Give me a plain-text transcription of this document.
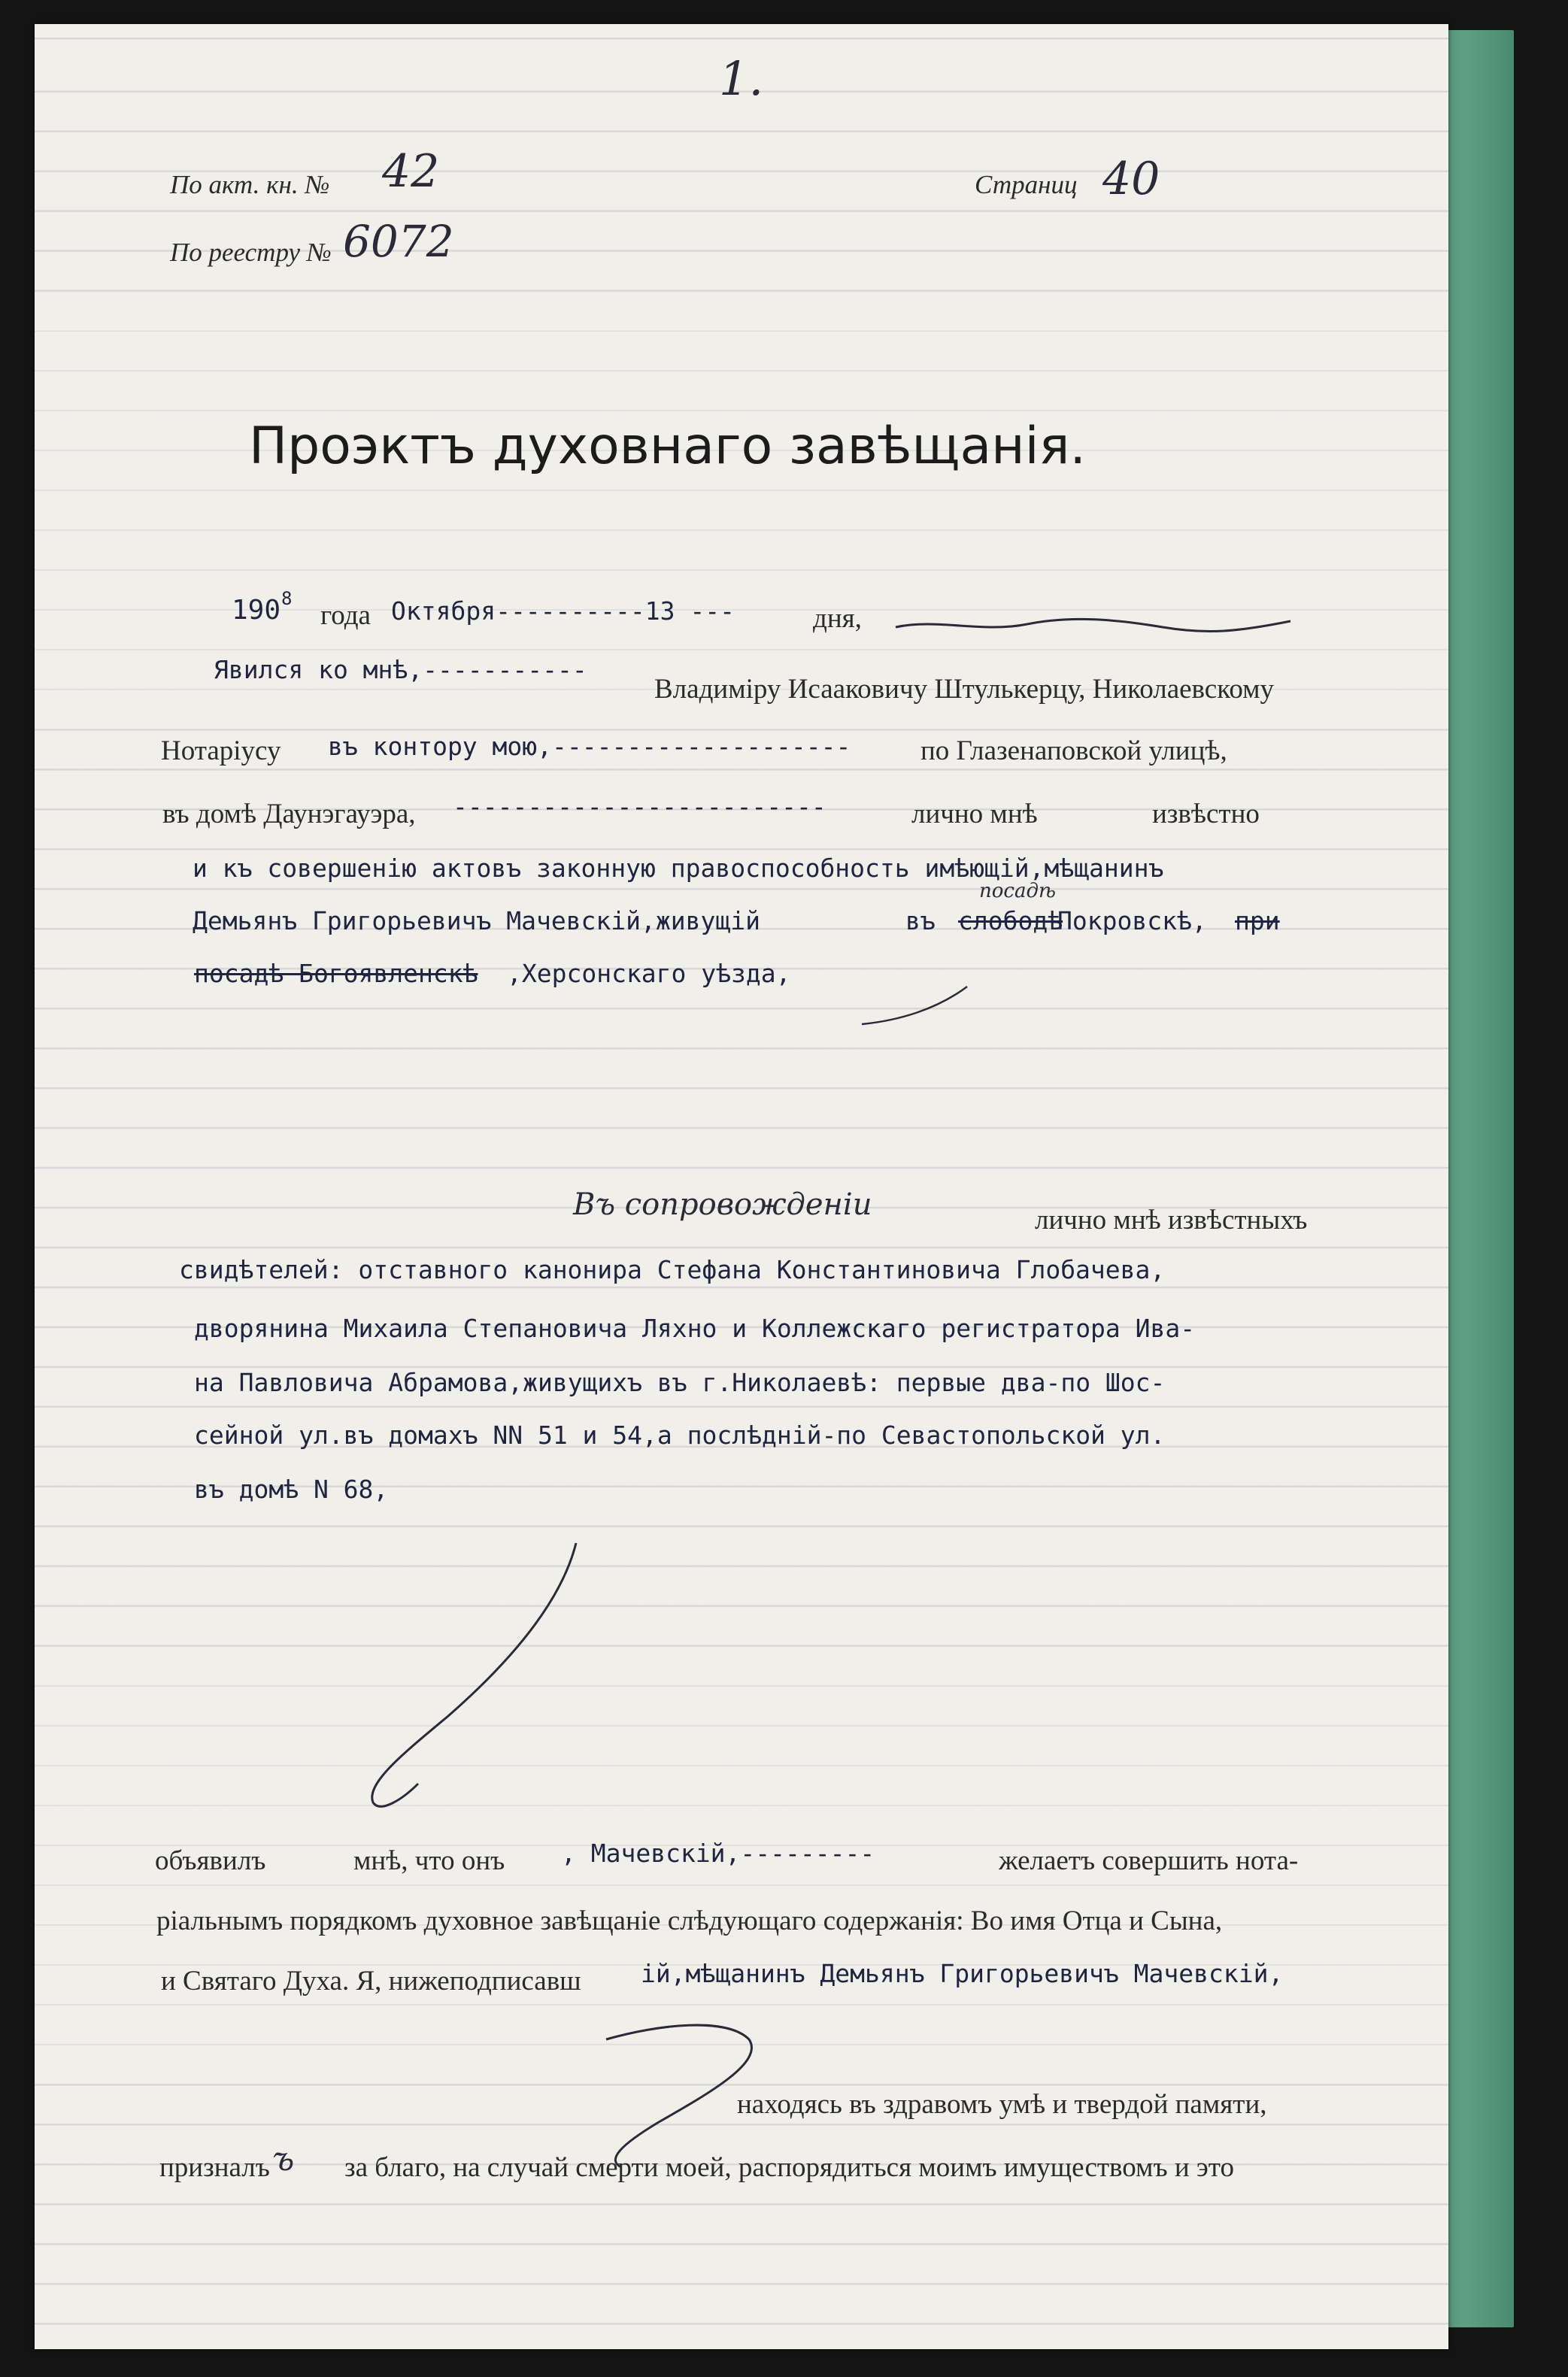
1.
По акт. кн. № 42
По реестру № 6072
Страниц 40
Проэктъ духовнаго завѣщанія.
190 8
года Октября----------13 ---	дня,
Явился ко мнѣ,-----------
Владиміру Исааковичу Штулькерцу, Николаевскому
Нотаріусу въ контору мою,--------------------	по Глазенаповской улицѣ,
въ домѣ Даунэгауэра, -------------------------	лично мнѣ	извѣстно
и къ совершенію актовъ законную правоспособность имѣющій,мѣщанинъ
Демьянъ Григорьевичъ Мачевскій,живущій	въ слободѣ
посадѣ
Покровскѣ, при
посадѣ Богоявленскѣ ,Херсонскаго уѣзда,
Въ сопровожденіи	лично мнѣ извѣстныхъ
свидѣтелей: отставного канонира Стефана Константиновича Глобачева,
дворянина Михаила Степановича Ляхно и Коллежскаго регистратора Ива-
на Павловича Абрамова,живущихъ въ г.Николаевѣ: первые два-по Шос-
сейной ул.въ домахъ NN 51 и 54,а послѣдній-по Севастопольской ул.
въ домѣ N 68,
объявилъ	мнѣ, что онъ , Мачевскій,---------	желаетъ совершить нота-
ріальнымъ порядкомъ духовное завѣщаніе слѣдующаго содержанія: Во имя Отца и Сына,
и Святаго Духа. Я, нижеподписавш ій,мѣщанинъ Демьянъ Григорьевичъ Мачевскій,
находясь въ здравомъ умѣ и твердой памяти,
призналъ ъ за благо, на случай смерти моей, распорядиться моимъ имуществомъ и это
